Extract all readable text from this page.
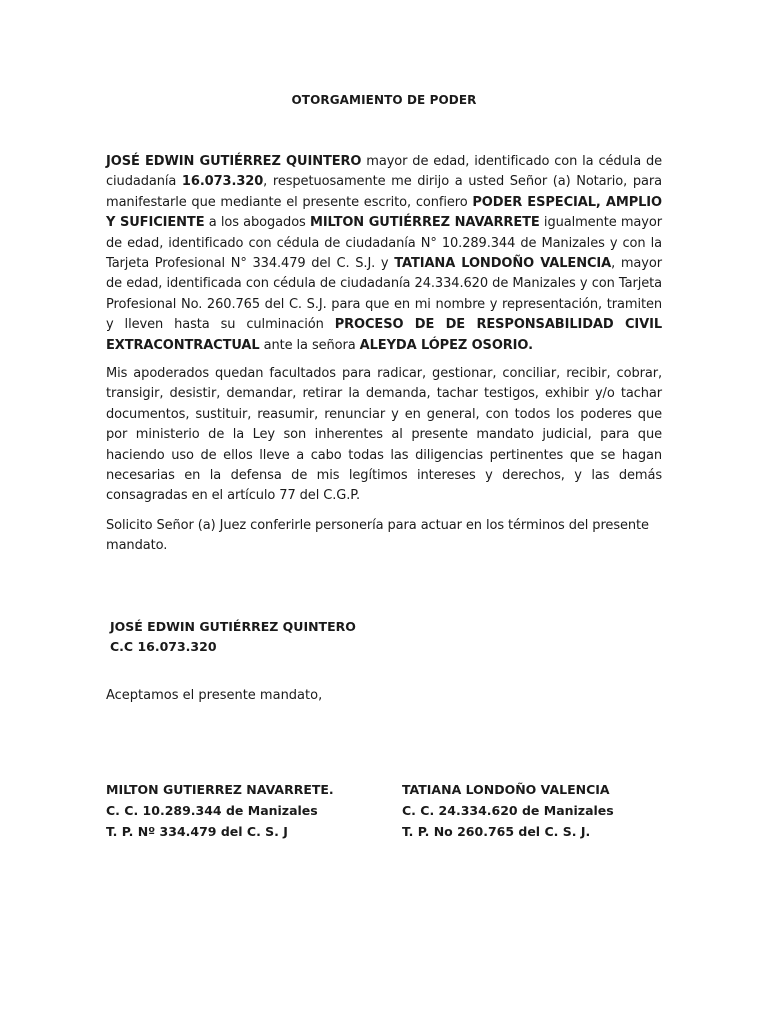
OTORGAMIENTO DE PODER
JOSÉ EDWIN GUTIÉRREZ QUINTERO mayor de edad, identificado con la cédula de ciudadanía 16.073.320, respetuosamente me dirijo a usted Señor (a) Notario, para manifestarle que mediante el presente escrito, confiero PODER ESPECIAL, AMPLIO Y SUFICIENTE a los abogados MILTON GUTIÉRREZ NAVARRETE igualmente mayor de edad, identificado con cédula de ciudadanía N° 10.289.344 de Manizales y con la Tarjeta Profesional N° 334.479 del C. S.J. y TATIANA LONDOÑO VALENCIA, mayor de edad, identificada con cédula de ciudadanía 24.334.620 de Manizales y con Tarjeta Profesional No. 260.765 del C. S.J. para que en mi nombre y representación, tramiten y lleven hasta su culminación PROCESO DE DE RESPONSABILIDAD CIVIL EXTRACONTRACTUAL ante la señora ALEYDA LÓPEZ OSORIO.
Mis apoderados quedan facultados para radicar, gestionar, conciliar, recibir, cobrar, transigir, desistir, demandar, retirar la demanda, tachar testigos, exhibir y/o tachar documentos, sustituir, reasumir, renunciar y en general, con todos los poderes que por ministerio de la Ley son inherentes al presente mandato judicial, para que haciendo uso de ellos lleve a cabo todas las diligencias pertinentes que se hagan necesarias en la defensa de mis legítimos intereses y derechos, y las demás consagradas en el artículo 77 del C.G.P.
Solicito Señor (a) Juez conferirle personería para actuar en los términos del presente mandato.
JOSÉ EDWIN GUTIÉRREZ QUINTERO
C.C 16.073.320
Aceptamos el presente mandato,
MILTON GUTIERREZ NAVARRETE.
C. C. 10.289.344 de Manizales
T. P. Nº 334.479 del C. S. J
TATIANA LONDOÑO VALENCIA
C. C. 24.334.620 de Manizales
T. P. No 260.765 del C. S. J.
